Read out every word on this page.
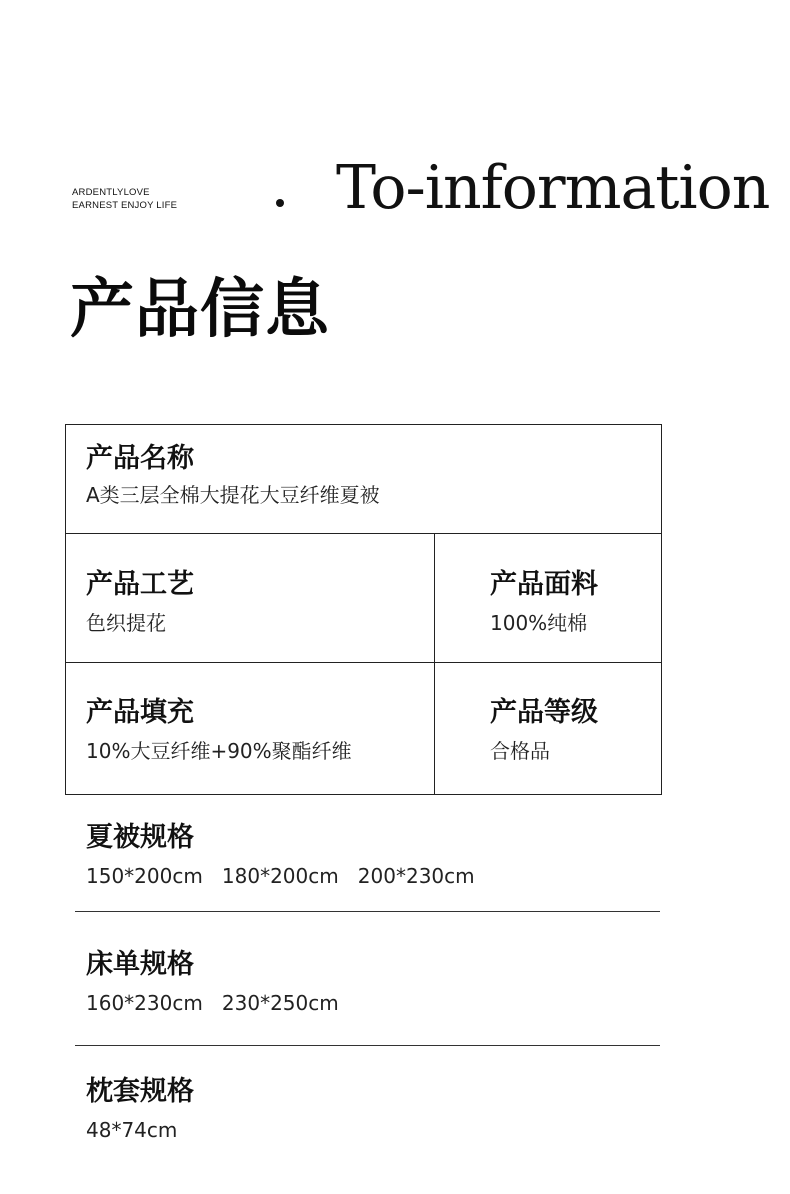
ARDENTLYLOVE
EARNEST ENJOY LIFE	To-information
产品信息
产品名称
A类三层全棉大提花大豆纤维夏被
产品工艺
色织提花
产品面料
100%纯棉
产品填充
10%大豆纤维+90%聚酯纤维
产品等级
合格品
夏被规格
150*200cm   180*200cm   200*230cm
床单规格
160*230cm   230*250cm
枕套规格
48*74cm
